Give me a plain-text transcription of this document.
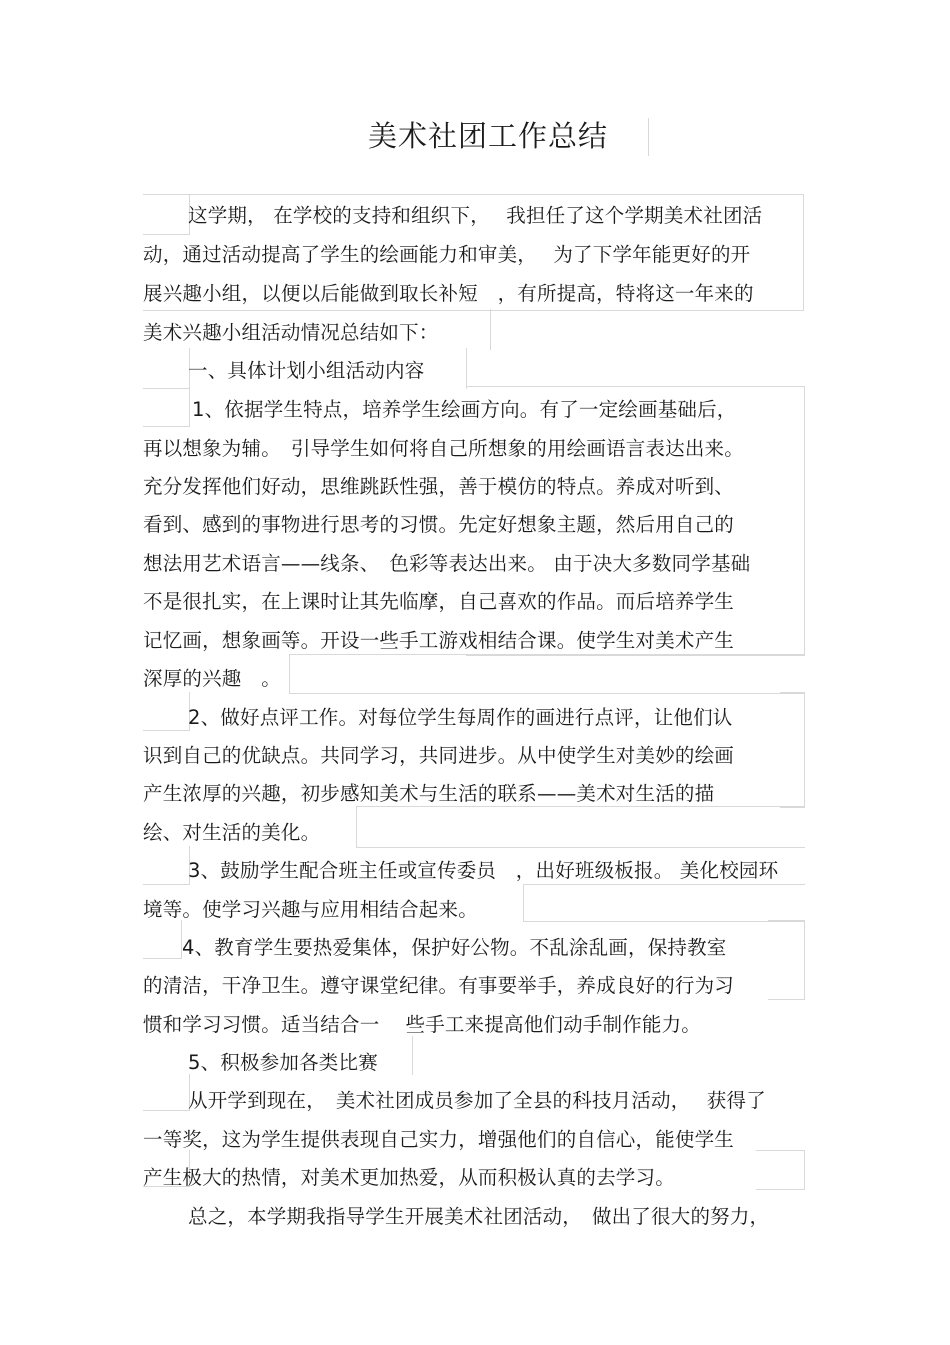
美术社团工作总结
这学期， 在学校的支持和组织下，　 我担任了这个学期美术社团活
动，通过活动提高了学生的绘画能力和审美，　 为了下学年能更好的开
展兴趣小组，以便以后能做到取长补短　，有所提高，特将这一年来的
美术兴趣小组活动情况总结如下：
一、具体计划小组活动内容
1、依据学生特点，培养学生绘画方向。有了一定绘画基础后，
再以想象为辅。　引导学生如何将自己所想象的用绘画语言表达出来。
充分发挥他们好动，思维跳跃性强，善于模仿的特点。养成对听到、
看到、感到的事物进行思考的习惯。先定好想象主题，然后用自己的
想法用艺术语言——线条、　色彩等表达出来。 由于决大多数同学基础
不是很扎实，在上课时让其先临摩，自己喜欢的作品。而后培养学生
记忆画，想象画等。开设一些手工游戏相结合课。使学生对美术产生
深厚的兴趣　。
2、做好点评工作。对每位学生每周作的画进行点评，让他们认
识到自己的优缺点。共同学习，共同进步。从中使学生对美妙的绘画
产生浓厚的兴趣，初步感知美术与生活的联系——美术对生活的描
绘、对生活的美化。
3、鼓励学生配合班主任或宣传委员　，出好班级板报。 美化校园环
境等。使学习兴趣与应用相结合起来。
4、教育学生要热爱集体，保护好公物。不乱涂乱画，保持教室
的清洁，干净卫生。遵守课堂纪律。有事要举手，养成良好的行为习
惯和学习习惯。适当结合一　 些手工来提高他们动手制作能力。
5、积极参加各类比赛
从开学到现在，　美术社团成员参加了全县的科技月活动，　 获得了
一等奖，这为学生提供表现自己实力，增强他们的自信心，能使学生
产生极大的热情，对美术更加热爱，从而积极认真的去学习。
总之，本学期我指导学生开展美术社团活动，　做出了很大的努力，
